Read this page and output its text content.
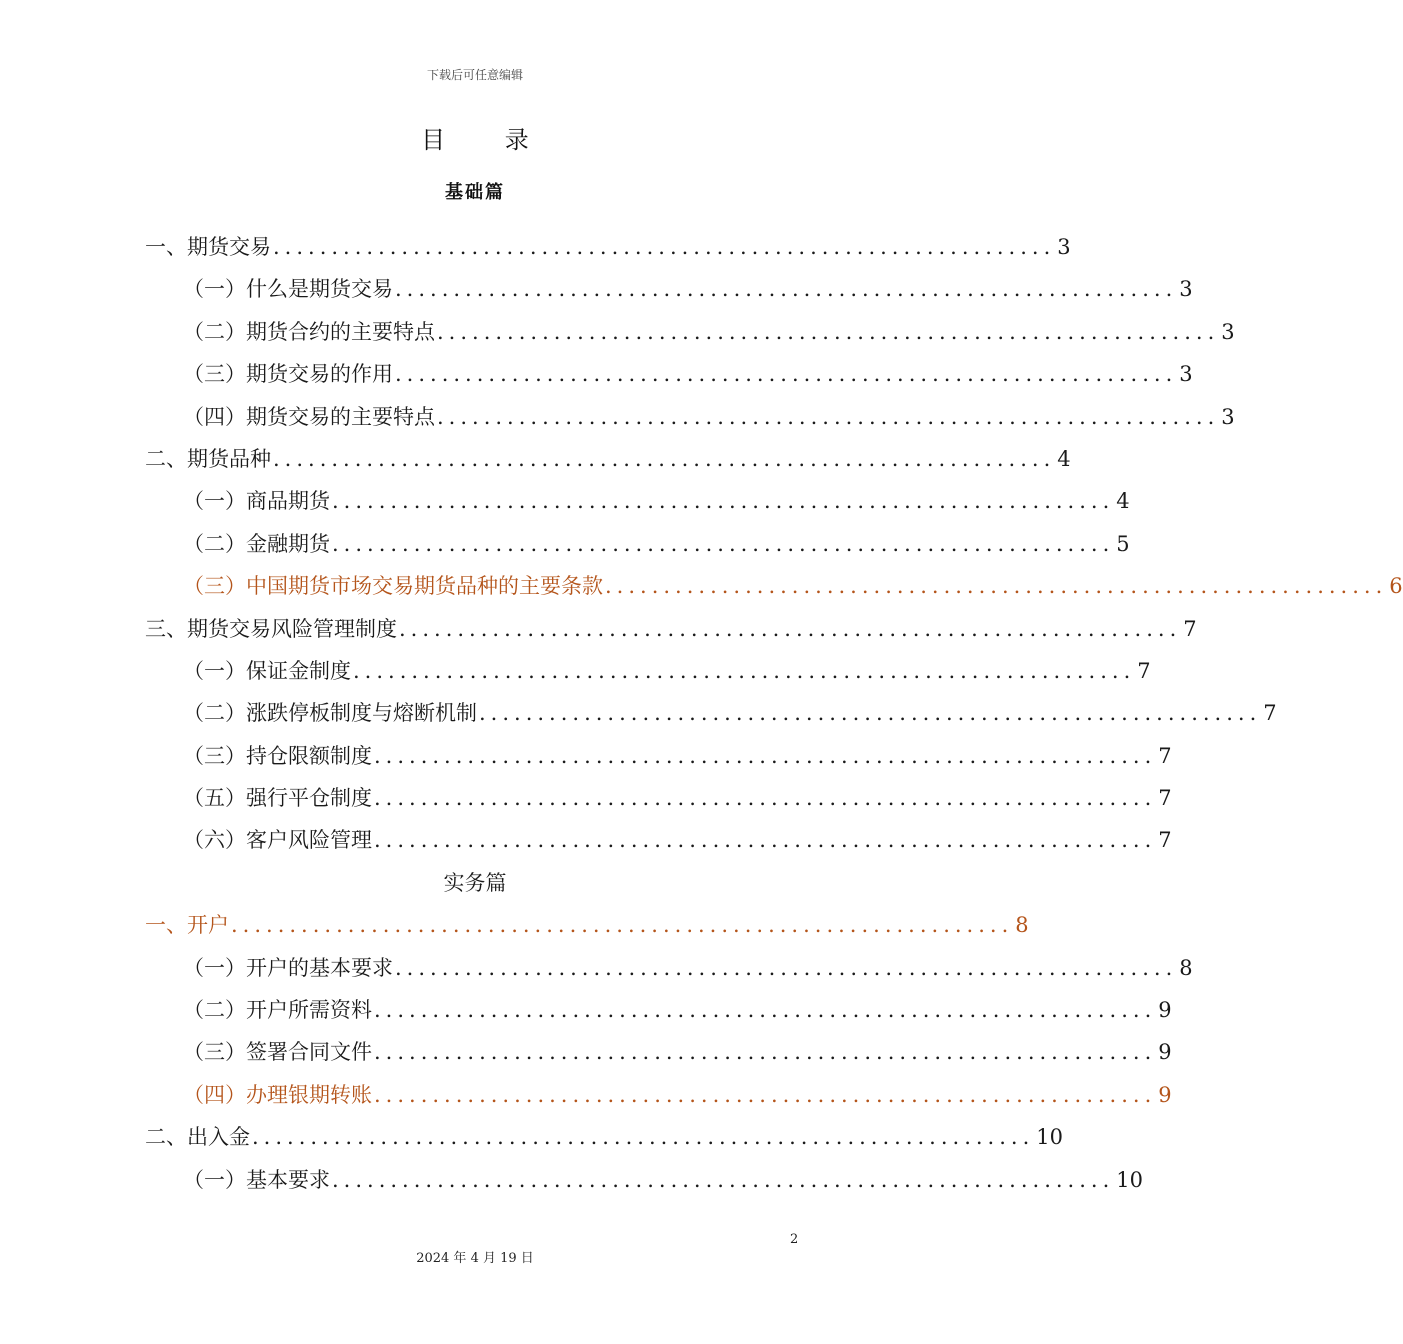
下载后可任意编辑
目 录
基础篇
一、 期货交易 ................................................................... 3
（一） 什么是期货交易 ................................................................... 3
（二） 期货合约的主要特点 ................................................................... 3
（三） 期货交易的作用 ................................................................... 3
（四） 期货交易的主要特点 ................................................................... 3
二、 期货品种 ................................................................... 4
（一） 商品期货 ................................................................... 4
（二） 金融期货 ................................................................... 5
（三） 中国期货市场交易期货品种的主要条款 ................................................................... 6
三、 期货交易风险管理制度 ................................................................... 7
（一） 保证金制度 ................................................................... 7
（二） 涨跌停板制度与熔断机制 ................................................................... 7
（三） 持仓限额制度 ................................................................... 7
（五） 强行平仓制度 ................................................................... 7
（六） 客户风险管理 ................................................................... 7
实务篇
一、 开户 ................................................................... 8
（一） 开户的基本要求 ................................................................... 8
（二） 开户所需资料 ................................................................... 9
（三） 签署合同文件 ................................................................... 9
（四） 办理银期转账 ................................................................... 9
二、 出入金 ................................................................... 10
（一） 基本要求 ................................................................... 10
2
2024 年 4 月 19 日
